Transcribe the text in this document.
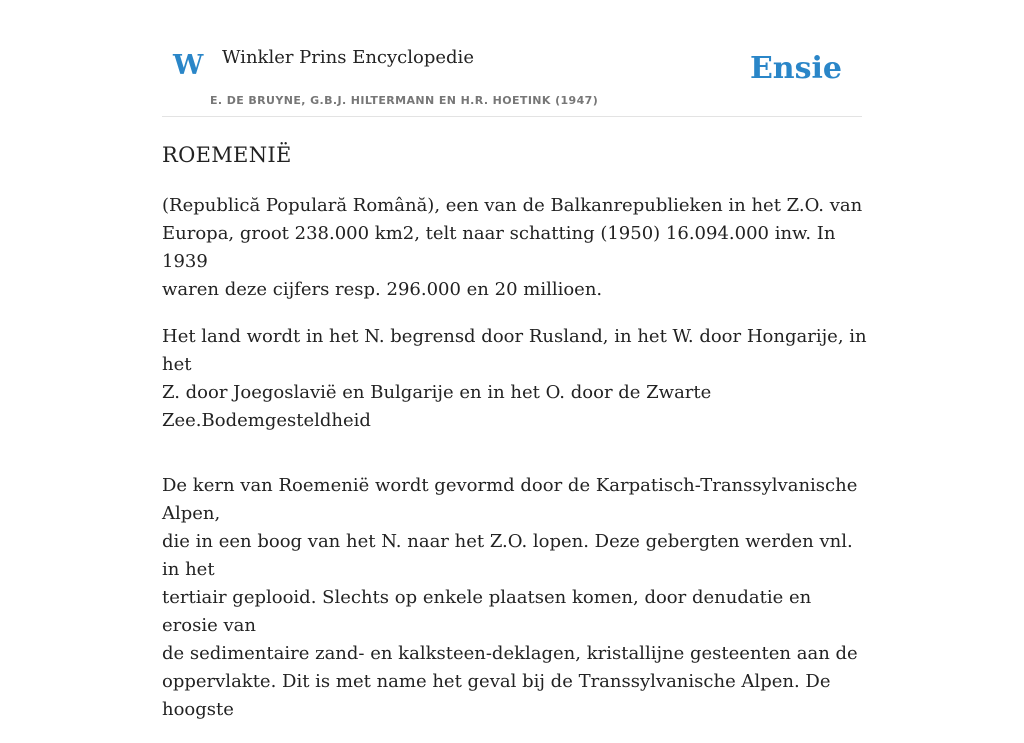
W Winkler Prins Encyclopedie
E. DE BRUYNE, G.B.J. HILTERMANN EN H.R. HOETINK (1947)
Ensie
ROEMENIË

(Republică Populară Română), een van de Balkanrepublieken in het Z.O. van
Europa, groot 238.000 km2, telt naar schatting (1950) 16.094.000 inw. In 1939
waren deze cijfers resp. 296.000 en 20 millioen.

Het land wordt in het N. begrensd door Rusland, in het W. door Hongarije, in het
Z. door Joegoslavië en Bulgarije en in het O. door de Zwarte Zee.Bodemgesteldheid

De kern van Roemenië wordt gevormd door de Karpatisch-Transsylvanische Alpen,
die in een boog van het N. naar het Z.O. lopen. Deze gebergten werden vnl. in het
tertiair geplooid. Slechts op enkele plaatsen komen, door denudatie en erosie van
de sedimentaire zand- en kalksteen-deklagen, kristallijne gesteenten aan de
oppervlakte. Dit is met name het geval bij de Transsylvanische Alpen. De hoogste
